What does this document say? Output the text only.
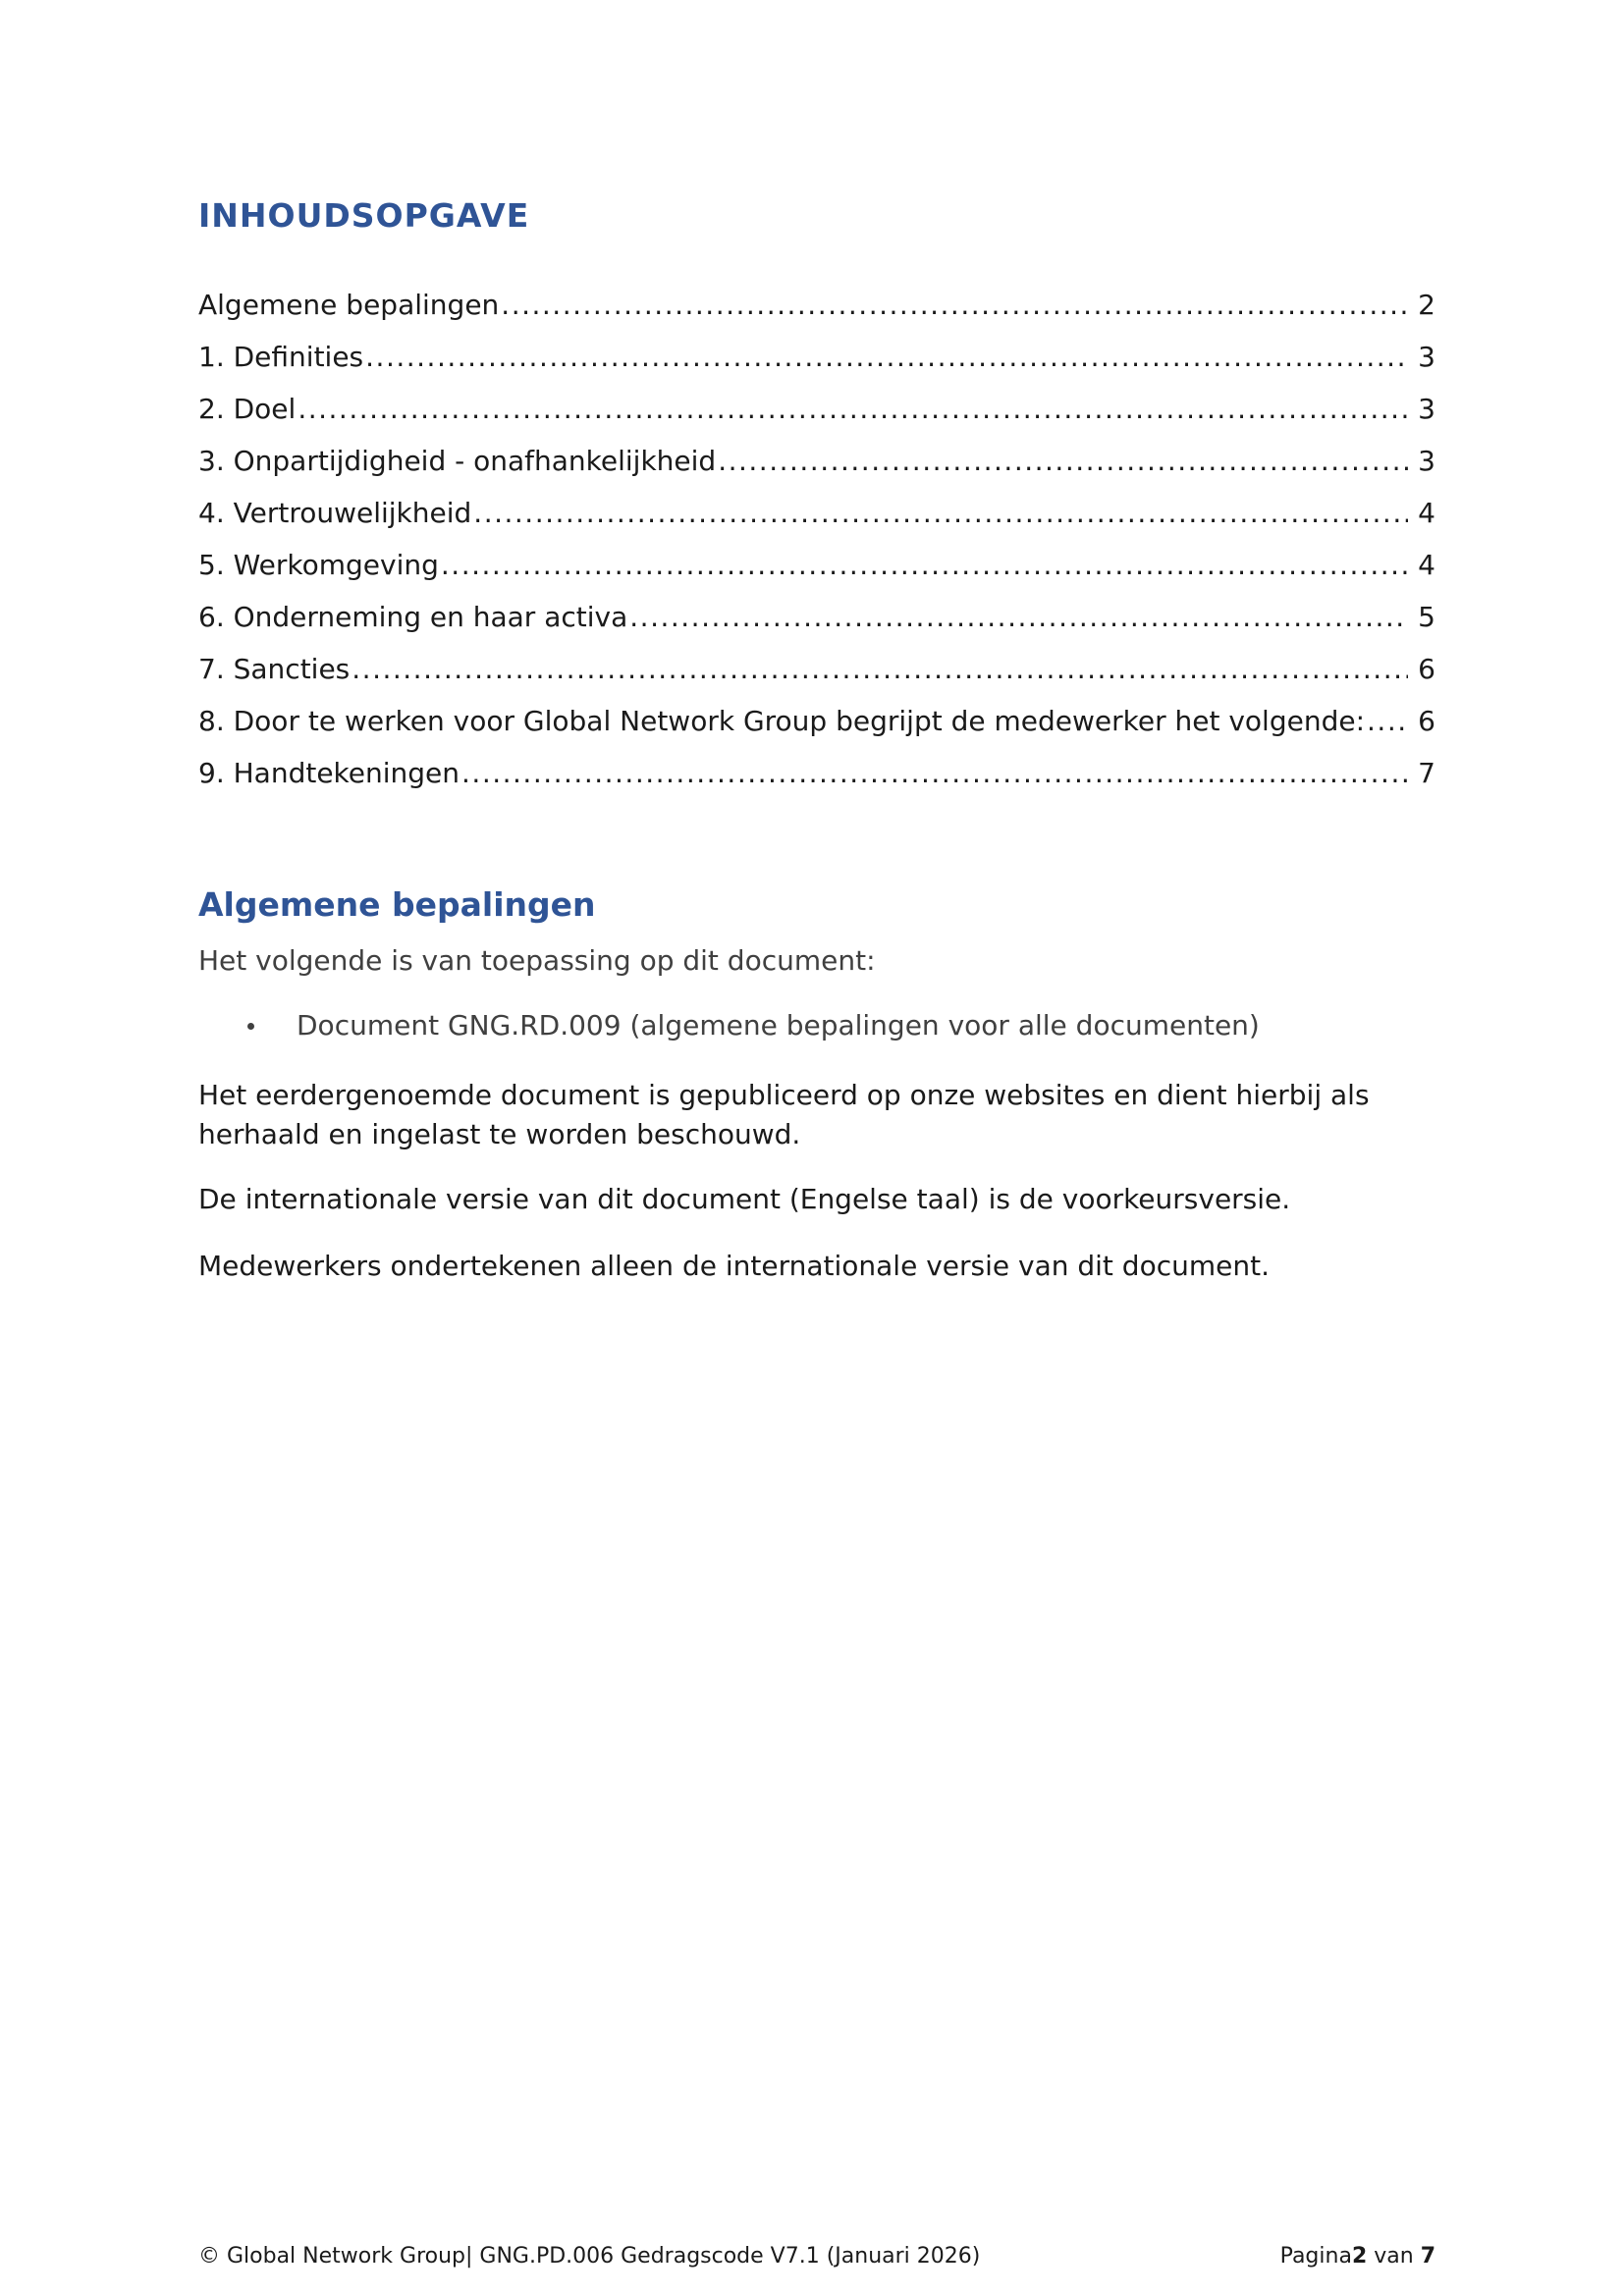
INHOUDSOPGAVE
Algemene bepalingen .....	2
1. Definities .....	3
2. Doel .....	3
3. Onpartijdigheid - onafhankelijkheid .....	3
4. Vertrouwelijkheid .....	4
5. Werkomgeving .....	4
6. Onderneming en haar activa .....	5
7. Sancties .....	6
8. Door te werken voor Global Network Group begrijpt de medewerker het volgende: .....	6
9. Handtekeningen .....	7
Algemene bepalingen

Het volgende is van toepassing op dit document:

Document GNG.RD.009 (algemene bepalingen voor alle documenten)

Het eerdergenoemde document is gepubliceerd op onze websites en dient hierbij als herhaald en ingelast te worden beschouwd.

De internationale versie van dit document (Engelse taal) is de voorkeursversie.

Medewerkers ondertekenen alleen de internationale versie van dit document.

© Global Network Group| GNG.PD.006 Gedragscode V7.1 (Januari 2026)	Pagina2 van 7
